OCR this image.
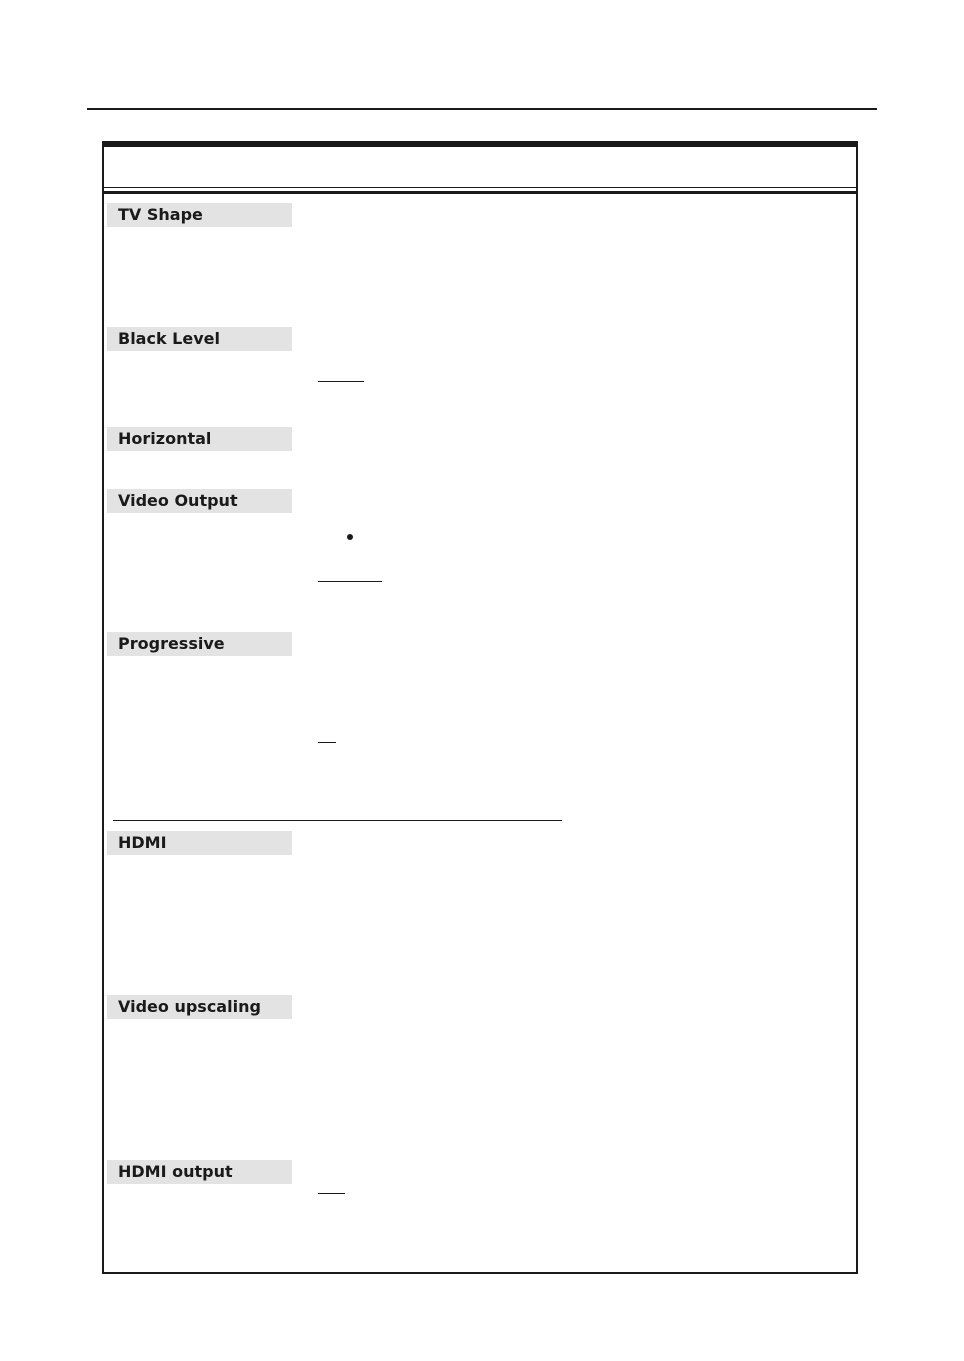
TV Shape
Black Level
Horizontal
Video Output
Progressive
HDMI
Video upscaling
HDMI output
